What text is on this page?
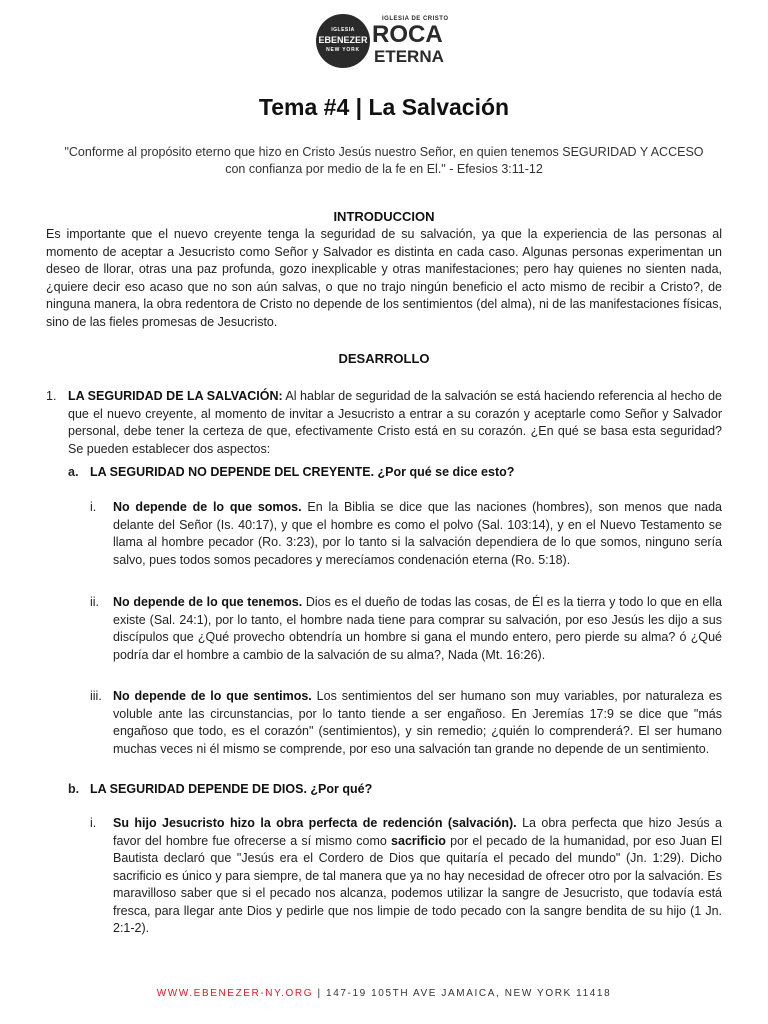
IGLESIA
EBENEZER
NEW YORK
IGLESIA DE CRISTO
ROCA
ETERNA
Tema #4 | La Salvación
"Conforme al propósito eterno que hizo en Cristo Jesús nuestro Señor, en quien tenemos SEGURIDAD Y ACCESO con confianza por medio de la fe en El." - Efesios 3:11-12
INTRODUCCION
Es importante que el nuevo creyente tenga la seguridad de su salvación, ya que la experiencia de las personas al momento de aceptar a Jesucristo como Señor y Salvador es distinta en cada caso. Algunas personas experimentan un deseo de llorar, otras una paz profunda, gozo inexplicable y otras manifestaciones; pero hay quienes no sienten nada, ¿quiere decir eso acaso que no son aún salvas, o que no trajo ningún beneficio el acto mismo de recibir a Cristo?, de ninguna manera, la obra redentora de Cristo no depende de los sentimientos (del alma), ni de las manifestaciones físicas, sino de las fieles promesas de Jesucristo.
DESARROLLO
1. LA SEGURIDAD DE LA SALVACIÓN: Al hablar de seguridad de la salvación se está haciendo referencia al hecho de que el nuevo creyente, al momento de invitar a Jesucristo a entrar a su corazón y aceptarle como Señor y Salvador personal, debe tener la certeza de que, efectivamente Cristo está en su corazón. ¿En qué se basa esta seguridad? Se pueden establecer dos aspectos:
a. LA SEGURIDAD NO DEPENDE DEL CREYENTE. ¿Por qué se dice esto?
i. No depende de lo que somos. En la Biblia se dice que las naciones (hombres), son menos que nada delante del Señor (Is. 40:17), y que el hombre es como el polvo (Sal. 103:14), y en el Nuevo Testamento se llama al hombre pecador (Ro. 3:23), por lo tanto si la salvación dependiera de lo que somos, ninguno sería salvo, pues todos somos pecadores y merecíamos condenación eterna (Ro. 5:18).
ii. No depende de lo que tenemos. Dios es el dueño de todas las cosas, de Él es la tierra y todo lo que en ella existe (Sal. 24:1), por lo tanto, el hombre nada tiene para comprar su salvación, por eso Jesús les dijo a sus discípulos que ¿Qué provecho obtendría un hombre si gana el mundo entero, pero pierde su alma? ó ¿Qué podría dar el hombre a cambio de la salvación de su alma?, Nada (Mt. 16:26).
iii. No depende de lo que sentimos. Los sentimientos del ser humano son muy variables, por naturaleza es voluble ante las circunstancias, por lo tanto tiende a ser engañoso. En Jeremías 17:9 se dice que "más engañoso que todo, es el corazón" (sentimientos), y sin remedio; ¿quién lo comprenderá?. El ser humano muchas veces ni él mismo se comprende, por eso una salvación tan grande no depende de un sentimiento.
b. LA SEGURIDAD DEPENDE DE DIOS. ¿Por qué?
i. Su hijo Jesucristo hizo la obra perfecta de redención (salvación). La obra perfecta que hizo Jesús a favor del hombre fue ofrecerse a sí mismo como sacrificio por el pecado de la humanidad, por eso Juan El Bautista declaró que "Jesús era el Cordero de Dios que quitaría el pecado del mundo" (Jn. 1:29). Dicho sacrificio es único y para siempre, de tal manera que ya no hay necesidad de ofrecer otro por la salvación. Es maravilloso saber que si el pecado nos alcanza, podemos utilizar la sangre de Jesucristo, que todavía está fresca, para llegar ante Dios y pedirle que nos limpie de todo pecado con la sangre bendita de su hijo (1 Jn. 2:1-2).
WWW.EBENEZER-NY.ORG | 147-19 105TH AVE JAMAICA, NEW YORK 11418
